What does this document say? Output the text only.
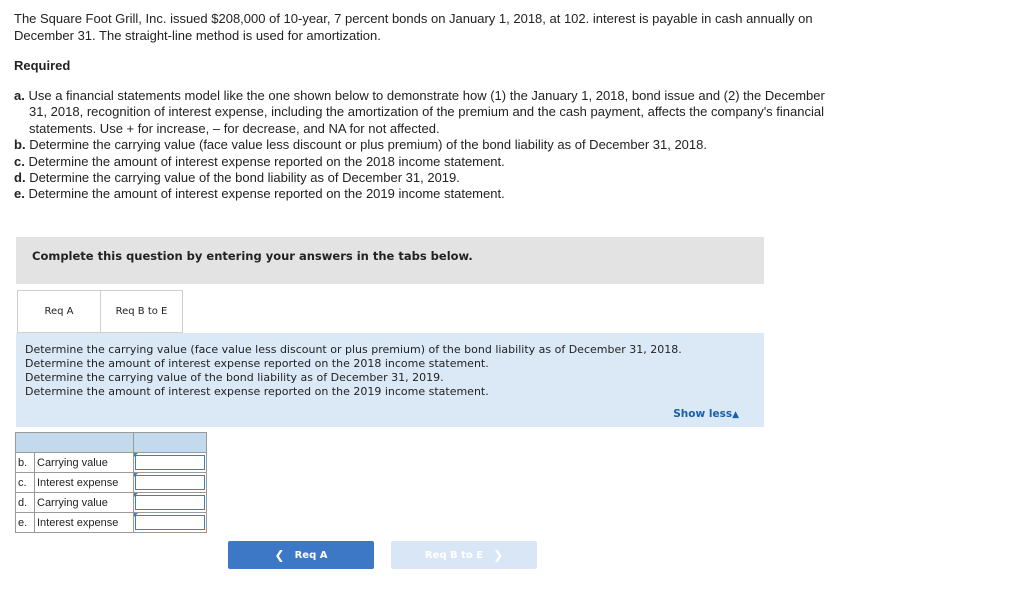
The Square Foot Grill, Inc. issued $208,000 of 10-year, 7 percent bonds on January 1, 2018, at 102. interest is payable in cash annually on December 31. The straight-line method is used for amortization.
Required
a. Use a financial statements model like the one shown below to demonstrate how (1) the January 1, 2018, bond issue and (2) the December 31, 2018, recognition of interest expense, including the amortization of the premium and the cash payment, affects the company's financial statements. Use + for increase, – for decrease, and NA for not affected.
b. Determine the carrying value (face value less discount or plus premium) of the bond liability as of December 31, 2018.
c. Determine the amount of interest expense reported on the 2018 income statement.
d. Determine the carrying value of the bond liability as of December 31, 2019.
e. Determine the amount of interest expense reported on the 2019 income statement.
Complete this question by entering your answers in the tabs below.
Req A	Req B to E

Determine the carrying value (face value less discount or plus premium) of the bond liability as of December 31, 2018.

Determine the amount of interest expense reported on the 2018 income statement.

Determine the carrying value of the bond liability as of December 31, 2019.

Determine the amount of interest expense reported on the 2019 income statement.

Show less▲

b.	Carrying value	

c.	Interest expense	

d.	Carrying value	

e.	Interest expense	
❮ Req A	Req B to E ❯
